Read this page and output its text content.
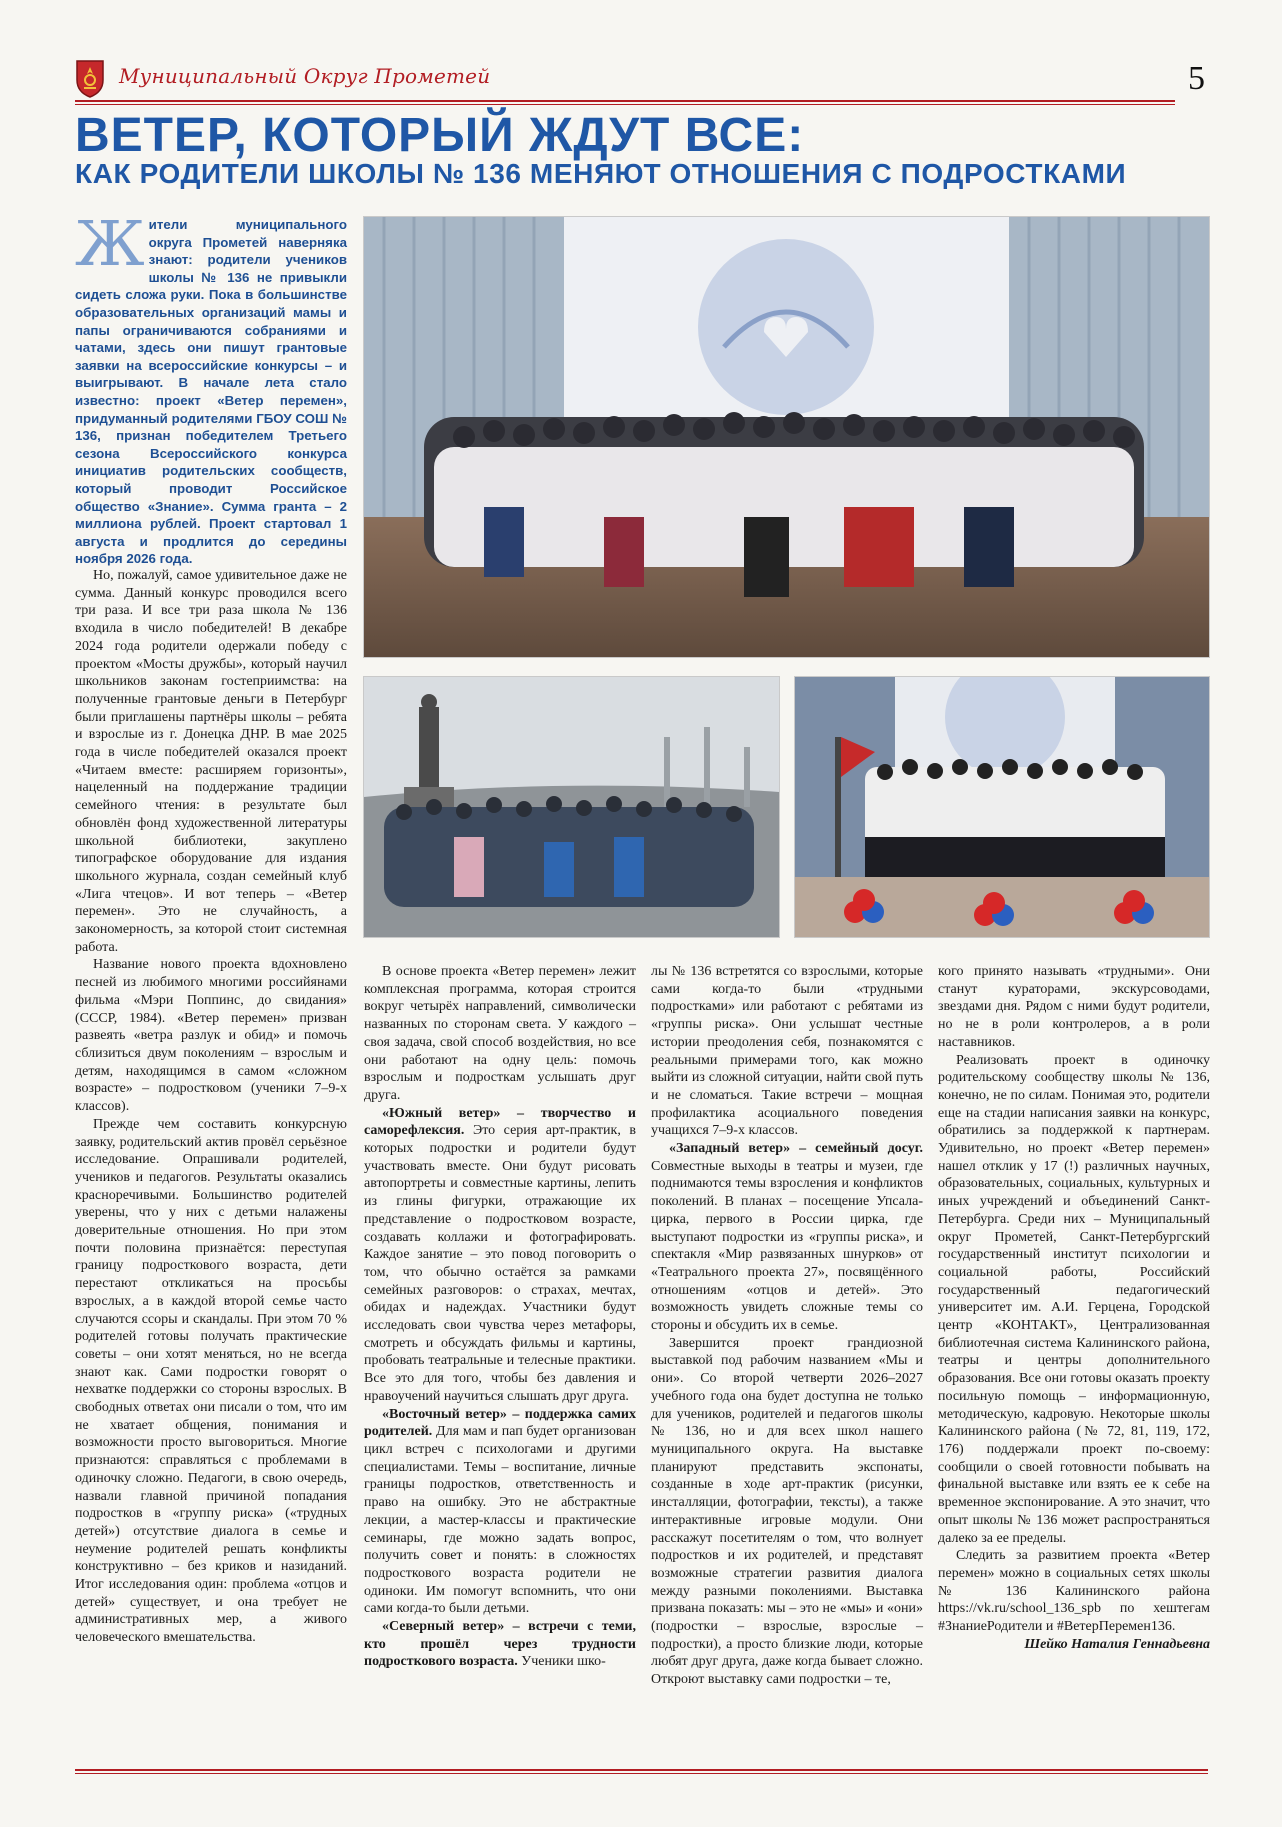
Муниципальный Округ Прометей	5
ВЕТЕР, КОТОРЫЙ ЖДУТ ВСЕ:
КАК РОДИТЕЛИ ШКОЛЫ № 136 МЕНЯЮТ ОТНОШЕНИЯ С ПОДРОСТКАМИ
Жители муниципального округа Прометей наверняка знают: родители учеников школы № 136 не привыкли сидеть сложа руки. Пока в большинстве образовательных организаций мамы и папы ограничиваются собраниями и чатами, здесь они пишут грантовые заявки на всероссийские конкурсы – и выигрывают. В начале лета стало известно: проект «Ветер перемен», придуманный родителями ГБОУ СОШ № 136, признан победителем Третьего сезона Всероссийского конкурса инициатив родительских сообществ, который проводит Российское общество «Знание». Сумма гранта – 2 миллиона рублей. Проект стартовал 1 августа и продлится до середины ноября 2026 года.

Но, пожалуй, самое удивительное даже не сумма. Данный конкурс проводился всего три раза. И все три раза школа № 136 входила в число победителей! В декабре 2024 года родители одержали победу с проектом «Мосты дружбы», который научил школьников законам гостеприимства: на полученные грантовые деньги в Петербург были приглашены партнёры школы – ребята и взрослые из г. Донецка ДНР. В мае 2025 года в числе победителей оказался проект «Читаем вместе: расширяем горизонты», нацеленный на поддержание традиции семейного чтения: в результате был обновлён фонд художественной литературы школьной библиотеки, закуплено типографское оборудование для издания школьного журнала, создан семейный клуб «Лига чтецов». И вот теперь – «Ветер перемен». Это не случайность, а закономерность, за которой стоит системная работа.

Название нового проекта вдохновлено песней из любимого многими российянами фильма «Мэри Поппинс, до свидания» (СССР, 1984). «Ветер перемен» призван развеять «ветра разлук и обид» и помочь сблизиться двум поколениям – взрослым и детям, находящимся в самом «сложном возрасте» – подростковом (ученики 7–9-х классов).

Прежде чем составить конкурсную заявку, родительский актив провёл серьёзное исследование. Опрашивали родителей, учеников и педагогов. Результаты оказались красноречивыми. Большинство родителей уверены, что у них с детьми налажены доверительные отношения. Но при этом почти половина признаётся: переступая границу подросткового возраста, дети перестают откликаться на просьбы взрослых, а в каждой второй семье часто случаются ссоры и скандалы. При этом 70 % родителей готовы получать практические советы – они хотят меняться, но не всегда знают как. Сами подростки говорят о нехватке поддержки со стороны взрослых. В свободных ответах они писали о том, что им не хватает общения, понимания и возможности просто выговориться. Многие признаются: справляться с проблемами в одиночку сложно. Педагоги, в свою очередь, назвали главной причиной попадания подростков в «группу риска» («трудных детей») отсутствие диалога в семье и неумение родителей решать конфликты конструктивно – без криков и назиданий. Итог исследования один: проблема «отцов и детей» существует, и она требует не административных мер, а живого человеческого вмешательства.

В основе проекта «Ветер перемен» лежит комплексная программа, которая строится вокруг четырёх направлений, символически названных по сторонам света. У каждого – своя задача, свой способ воздействия, но все они работают на одну цель: помочь взрослым и подросткам услышать друг друга.

«Южный ветер» – творчество и саморефлексия. Это серия арт-практик, в которых подростки и родители будут участвовать вместе. Они будут рисовать автопортреты и совместные картины, лепить из глины фигурки, отражающие их представление о подростковом возрасте, создавать коллажи и фотографировать. Каждое занятие – это повод поговорить о том, что обычно остаётся за рамками семейных разговоров: о страхах, мечтах, обидах и надеждах. Участники будут исследовать свои чувства через метафоры, смотреть и обсуждать фильмы и картины, пробовать театральные и телесные практики. Все это для того, чтобы без давления и нравоучений научиться слышать друг друга.

«Восточный ветер» – поддержка самих родителей. Для мам и пап будет организован цикл встреч с психологами и другими специалистами. Темы – воспитание, личные границы подростков, ответственность и право на ошибку. Это не абстрактные лекции, а мастер-классы и практические семинары, где можно задать вопрос, получить совет и понять: в сложностях подросткового возраста родители не одиноки. Им помогут вспомнить, что они сами когда-то были детьми.

«Северный ветер» – встречи с теми, кто прошёл через трудности подросткового возраста. Ученики шко-

лы № 136 встретятся со взрослыми, которые сами когда-то были «трудными подростками» или работают с ребятами из «группы риска». Они услышат честные истории преодоления себя, познакомятся с реальными примерами того, как можно выйти из сложной ситуации, найти свой путь и не сломаться. Такие встречи – мощная профилактика асоциального поведения учащихся 7–9-х классов.

«Западный ветер» – семейный досуг. Совместные выходы в театры и музеи, где поднимаются темы взросления и конфликтов поколений. В планах – посещение Упсала-цирка, первого в России цирка, где выступают подростки из «группы риска», и спектакля «Мир развязанных шнурков» от «Театрального проекта 27», посвящённого отношениям «отцов и детей». Это возможность увидеть сложные темы со стороны и обсудить их в семье.

Завершится проект грандиозной выставкой под рабочим названием «Мы и они». Со второй четверти 2026–2027 учебного года она будет доступна не только для учеников, родителей и педагогов школы № 136, но и для всех школ нашего муниципального округа. На выставке планируют представить экспонаты, созданные в ходе арт-практик (рисунки, инсталляции, фотографии, тексты), а также интерактивные игровые модули. Они расскажут посетителям о том, что волнует подростков и их родителей, и представят возможные стратегии развития диалога между разными поколениями. Выставка призвана показать: мы – это не «мы» и «они» (подростки – взрослые, взрослые – подростки), а просто близкие люди, которые любят друг друга, даже когда бывает сложно. Откроют выставку сами подростки – те,

кого принято называть «трудными». Они станут кураторами, экскурсоводами, звездами дня. Рядом с ними будут родители, но не в роли контролеров, а в роли наставников.

Реализовать проект в одиночку родительскому сообществу школы № 136, конечно, не по силам. Понимая это, родители еще на стадии написания заявки на конкурс, обратились за поддержкой к партнерам. Удивительно, но проект «Ветер перемен» нашел отклик у 17 (!) различных научных, образовательных, социальных, культурных и иных учреждений и объединений Санкт-Петербурга. Среди них – Муниципальный округ Прометей, Санкт-Петербургский государственный институт психологии и социальной работы, Российский государственный педагогический университет им. А.И. Герцена, Городской центр «КОНТАКТ», Централизованная библиотечная система Калининского района, театры и центры дополнительного образования. Все они готовы оказать проекту посильную помощь – информационную, методическую, кадровую. Некоторые школы Калининского района (№ 72, 81, 119, 172, 176) поддержали проект по-своему: сообщили о своей готовности побывать на финальной выставке или взять ее к себе на временное экспонирование. А это значит, что опыт школы № 136 может распространяться далеко за ее пределы.

Следить за развитием проекта «Ветер перемен» можно в социальных сетях школы № 136 Калининского района https://vk.ru/school_136_spb по хештегам #ЗнаниеРодители и #ВетерПеремен136.

Шейко Наталия Геннадьевна
